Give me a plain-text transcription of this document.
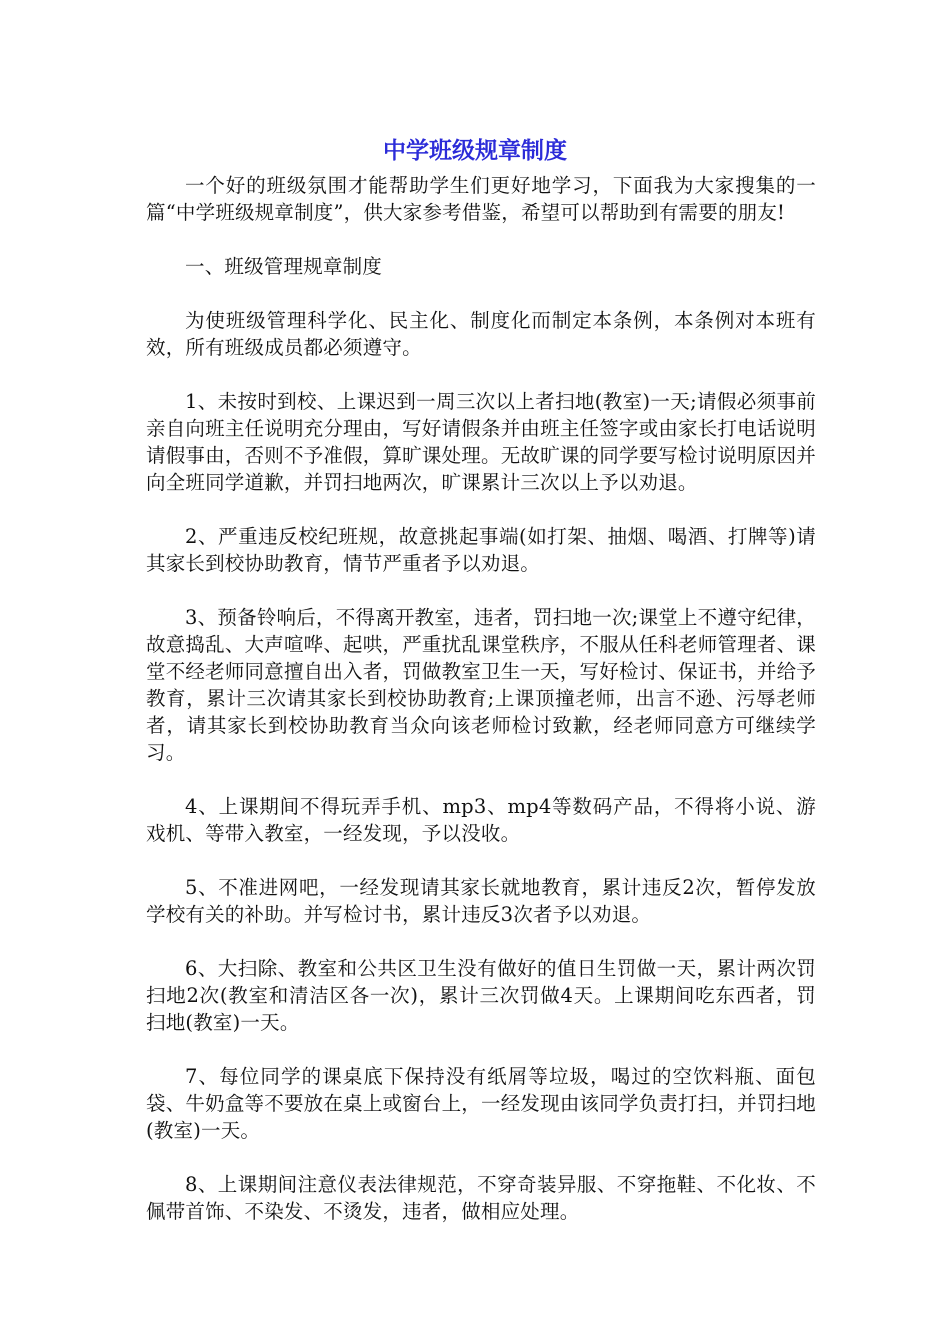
中学班级规章制度

一个好的班级氛围才能帮助学生们更好地学习，下面我为大家搜集的一篇“中学班级规章制度”，供大家参考借鉴，希望可以帮助到有需要的朋友!

一、班级管理规章制度

为使班级管理科学化、民主化、制度化而制定本条例，本条例对本班有效，所有班级成员都必须遵守。

1、未按时到校、上课迟到一周三次以上者扫地(教室)一天;请假必须事前亲自向班主任说明充分理由，写好请假条并由班主任签字或由家长打电话说明请假事由，否则不予准假，算旷课处理。无故旷课的同学要写检讨说明原因并向全班同学道歉，并罚扫地两次，旷课累计三次以上予以劝退。

2、严重违反校纪班规，故意挑起事端(如打架、抽烟、喝酒、打牌等)请其家长到校协助教育，情节严重者予以劝退。

3、预备铃响后，不得离开教室，违者，罚扫地一次;课堂上不遵守纪律，故意捣乱、大声喧哗、起哄，严重扰乱课堂秩序，不服从任科老师管理者、课堂不经老师同意擅自出入者，罚做教室卫生一天，写好检讨、保证书，并给予教育，累计三次请其家长到校协助教育;上课顶撞老师，出言不逊、污辱老师者，请其家长到校协助教育当众向该老师检讨致歉，经老师同意方可继续学习。

4、上课期间不得玩弄手机、mp3、mp4等数码产品，不得将小说、游戏机、等带入教室，一经发现，予以没收。

5、不准进网吧，一经发现请其家长就地教育，累计违反2次，暂停发放学校有关的补助。并写检讨书，累计违反3次者予以劝退。

6、大扫除、教室和公共区卫生没有做好的值日生罚做一天，累计两次罚扫地2次(教室和清洁区各一次)，累计三次罚做4天。上课期间吃东西者，罚扫地(教室)一天。

7、每位同学的课桌底下保持没有纸屑等垃圾，喝过的空饮料瓶、面包袋、牛奶盒等不要放在桌上或窗台上，一经发现由该同学负责打扫，并罚扫地(教室)一天。

8、上课期间注意仪表法律规范，不穿奇装异服、不穿拖鞋、不化妆、不佩带首饰、不染发、不烫发，违者，做相应处理。
